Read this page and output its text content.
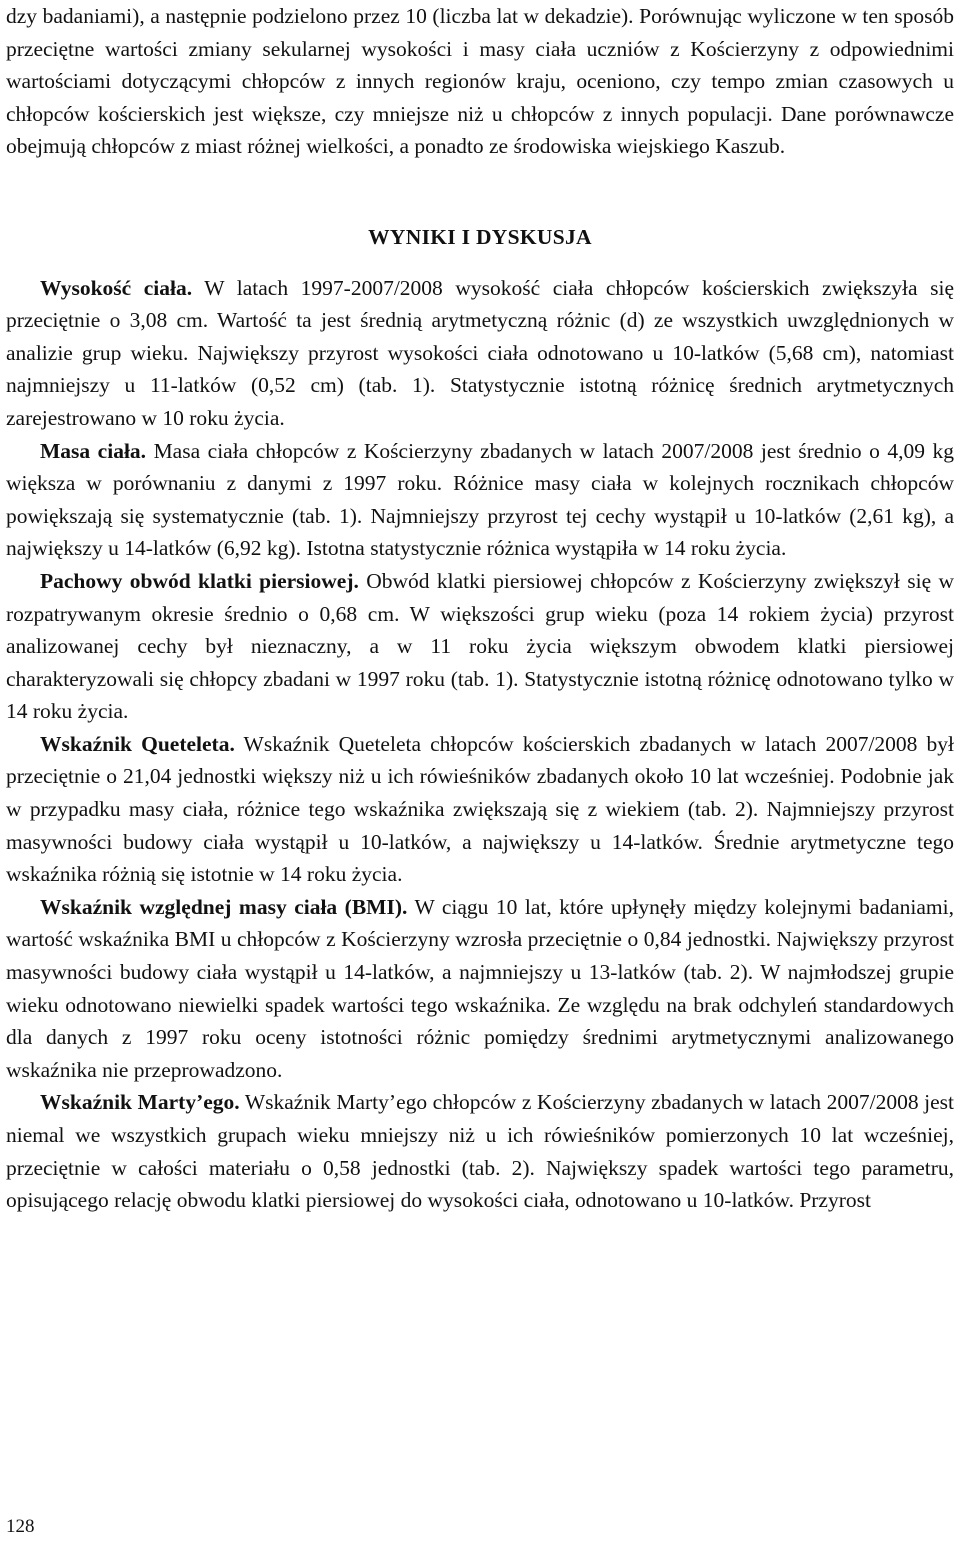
dzy badaniami), a następnie podzielono przez 10 (liczba lat w dekadzie). Porównując wyliczone w ten sposób przeciętne wartości zmiany sekularnej wysokości i masy ciała uczniów z Kościerzyny z odpowiednimi wartościami dotyczącymi chłopców z innych regionów kraju, oceniono, czy tempo zmian czasowych u chłopców kościerskich jest większe, czy mniejsze niż u chłopców z innych populacji. Dane porównawcze obejmują chłopców z miast różnej wielkości, a ponadto ze środowiska wiejskiego Kaszub.

WYNIKI I DYSKUSJA

Wysokość ciała. W latach 1997-2007/2008 wysokość ciała chłopców kościerskich zwiększyła się przeciętnie o 3,08 cm. Wartość ta jest średnią arytmetyczną różnic (d) ze wszystkich uwzględnionych w analizie grup wieku. Największy przyrost wysokości ciała odnotowano u 10-latków (5,68 cm), natomiast najmniejszy u 11-latków (0,52 cm) (tab. 1). Statystycznie istotną różnicę średnich arytmetycznych zarejestrowano w 10 roku życia.

Masa ciała. Masa ciała chłopców z Kościerzyny zbadanych w latach 2007/2008 jest średnio o 4,09 kg większa w porównaniu z danymi z 1997 roku. Różnice masy ciała w kolejnych rocznikach chłopców powiększają się systematycznie (tab. 1). Najmniejszy przyrost tej cechy wystąpił u 10-latków (2,61 kg), a największy u 14-latków (6,92 kg). Istotna statystycznie różnica wystąpiła w 14 roku życia.

Pachowy obwód klatki piersiowej. Obwód klatki piersiowej chłopców z Kościerzyny zwiększył się w rozpatrywanym okresie średnio o 0,68 cm. W większości grup wieku (poza 14 rokiem życia) przyrost analizowanej cechy był nieznaczny, a w 11 roku życia większym obwodem klatki piersiowej charakteryzowali się chłopcy zbadani w 1997 roku (tab. 1). Statystycznie istotną różnicę odnotowano tylko w 14 roku życia.

Wskaźnik Queteleta. Wskaźnik Queteleta chłopców kościerskich zbadanych w latach 2007/2008 był przeciętnie o 21,04 jednostki większy niż u ich rówieśników zbadanych około 10 lat wcześniej. Podobnie jak w przypadku masy ciała, różnice tego wskaźnika zwiększają się z wiekiem (tab. 2). Najmniejszy przyrost masywności budowy ciała wystąpił u 10-latków, a największy u 14-latków. Średnie arytmetyczne tego wskaźnika różnią się istotnie w 14 roku życia.

Wskaźnik względnej masy ciała (BMI). W ciągu 10 lat, które upłynęły między kolejnymi badaniami, wartość wskaźnika BMI u chłopców z Kościerzyny wzrosła przeciętnie o 0,84 jednostki. Największy przyrost masywności budowy ciała wystąpił u 14-latków, a najmniejszy u 13-latków (tab. 2). W najmłodszej grupie wieku odnotowano niewielki spadek wartości tego wskaźnika. Ze względu na brak odchyleń standardowych dla danych z 1997 roku oceny istotności różnic pomiędzy średnimi arytmetycznymi analizowanego wskaźnika nie przeprowadzono.

Wskaźnik Marty’ego. Wskaźnik Marty’ego chłopców z Kościerzyny zbadanych w latach 2007/2008 jest niemal we wszystkich grupach wieku mniejszy niż u ich rówieśników pomierzonych 10 lat wcześniej, przeciętnie w całości materiału o 0,58 jednostki (tab. 2). Największy spadek wartości tego parametru, opisującego relację obwodu klatki piersiowej do wysokości ciała, odnotowano u 10-latków. Przyrost

128
